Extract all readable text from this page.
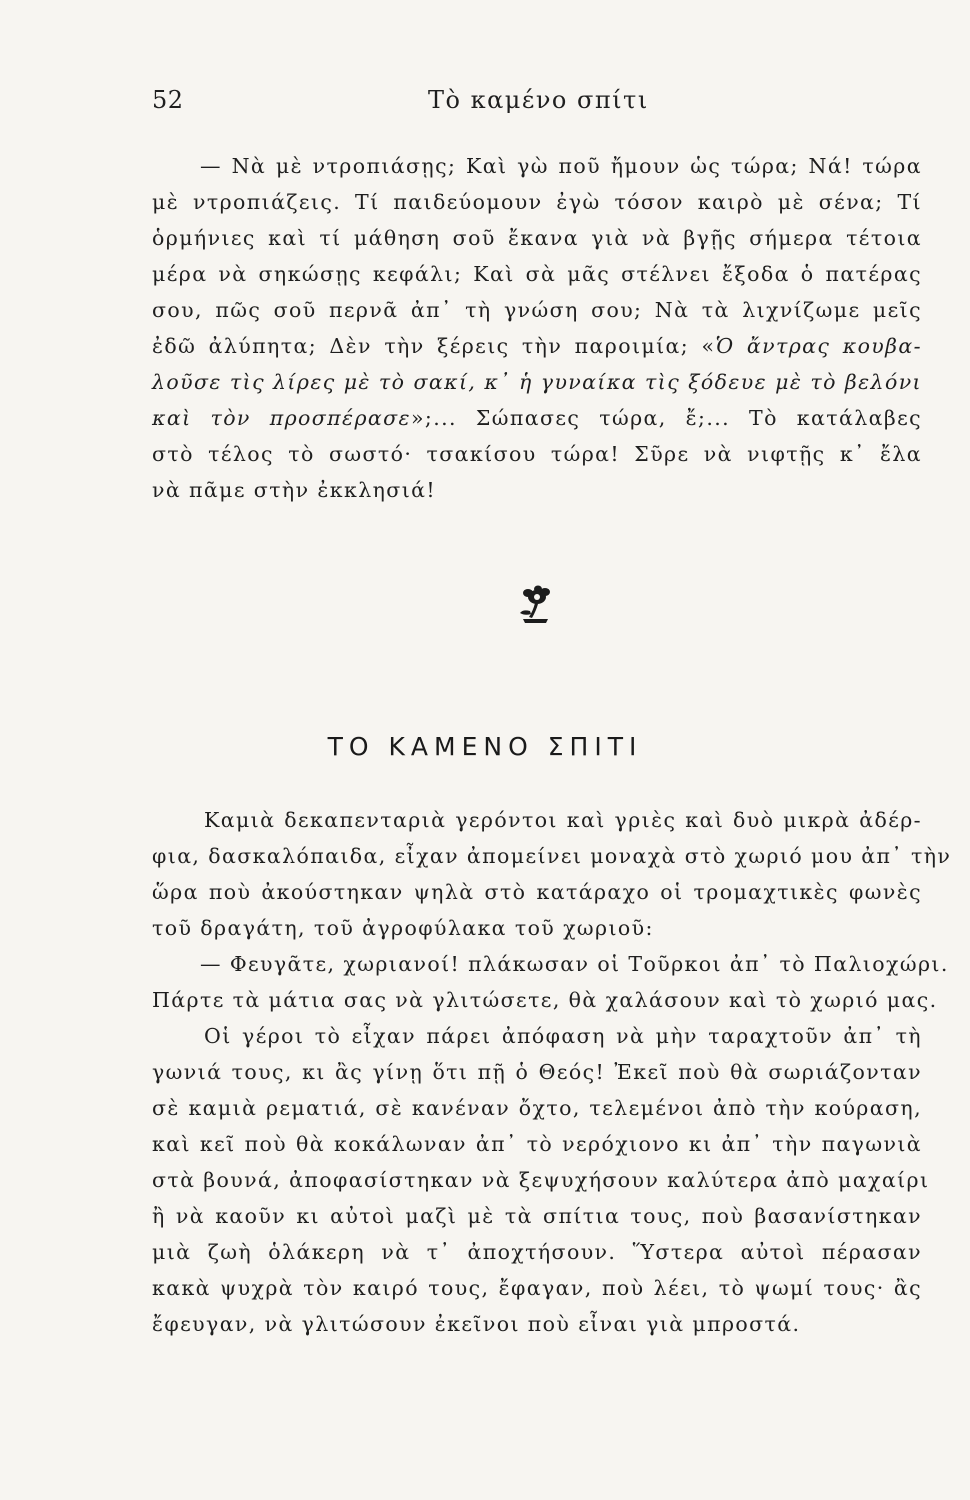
52	Τὸ καμένο σπίτι
— Νὰ μὲ ντροπιάσῃς; Καὶ γὼ ποῦ ἤμουν ὡς τώρα; Νά! τώρα
μὲ ντροπιάζεις. Τί παιδεύομουν ἐγὼ τόσον καιρὸ μὲ σένα; Τί
ὁρμήνιες καὶ τί μάθηση σοῦ ἔκανα γιὰ νὰ βγῇς σήμερα τέτοια
μέρα νὰ σηκώσῃς κεφάλι; Καὶ σὰ μᾶς στέλνει ἔξοδα ὁ πατέρας
σου, πῶς σοῦ περνᾶ ἀπ᾽ τὴ γνώση σου; Νὰ τὰ λιχνίζωμε μεῖς
ἐδῶ ἀλύπητα; Δὲν τὴν ξέρεις τὴν παροιμία; «Ὁ ἄντρας κουβα-
λοῦσε τὶς λίρες μὲ τὸ σακί, κ᾽ ἡ γυναίκα τὶς ξόδευε μὲ τὸ βελόνι
καὶ τὸν προσπέρασε»;... Σώπασες τώρα, ἔ;... Τὸ κατάλαβες
στὸ τέλος τὸ σωστό· τσακίσου τώρα! Σῦρε νὰ νιφτῇς κ᾽ ἔλα
νὰ πᾶμε στὴν ἐκκλησιά!
ΤΟ ΚΑΜΕΝΟ ΣΠΙΤΙ
Καμιὰ δεκαπενταριὰ γερόντοι καὶ γριὲς καὶ δυὸ μικρὰ ἀδέρ-
φια, δασκαλόπαιδα, εἶχαν ἀπομείνει μοναχὰ στὸ χωριό μου ἀπ᾽ τὴν
ὥρα ποὺ ἀκούστηκαν ψηλὰ στὸ κατάραχο οἱ τρομαχτικὲς φωνὲς
τοῦ δραγάτη, τοῦ ἀγροφύλακα τοῦ χωριοῦ:
— Φευγᾶτε, χωριανοί! πλάκωσαν οἱ Τοῦρκοι ἀπ᾽ τὸ Παλιοχώρι.
Πάρτε τὰ μάτια σας νὰ γλιτώσετε, θὰ χαλάσουν καὶ τὸ χωριό μας.
Οἱ γέροι τὸ εἶχαν πάρει ἀπόφαση νὰ μὴν ταραχτοῦν ἀπ᾽ τὴ
γωνιά τους, κι ἂς γίνῃ ὅτι πῇ ὁ Θεός! Ἐκεῖ ποὺ θὰ σωριάζονταν
σὲ καμιὰ ρεματιά, σὲ κανέναν ὄχτο, τελεμένοι ἀπὸ τὴν κούραση,
καὶ κεῖ ποὺ θὰ κοκάλωναν ἀπ᾽ τὸ νερόχιονο κι ἀπ᾽ τὴν παγωνιὰ
στὰ βουνά, ἀποφασίστηκαν νὰ ξεψυχήσουν καλύτερα ἀπὸ μαχαίρι
ἢ νὰ καοῦν κι αὐτοὶ μαζὶ μὲ τὰ σπίτια τους, ποὺ βασανίστηκαν
μιὰ ζωὴ ὁλάκερη νὰ τ᾽ ἀποχτήσουν. Ὕστερα αὐτοὶ πέρασαν
κακὰ ψυχρὰ τὸν καιρό τους, ἔφαγαν, ποὺ λέει, τὸ ψωμί τους· ἂς
ἔφευγαν, νὰ γλιτώσουν ἐκεῖνοι ποὺ εἶναι γιὰ μπροστά.
